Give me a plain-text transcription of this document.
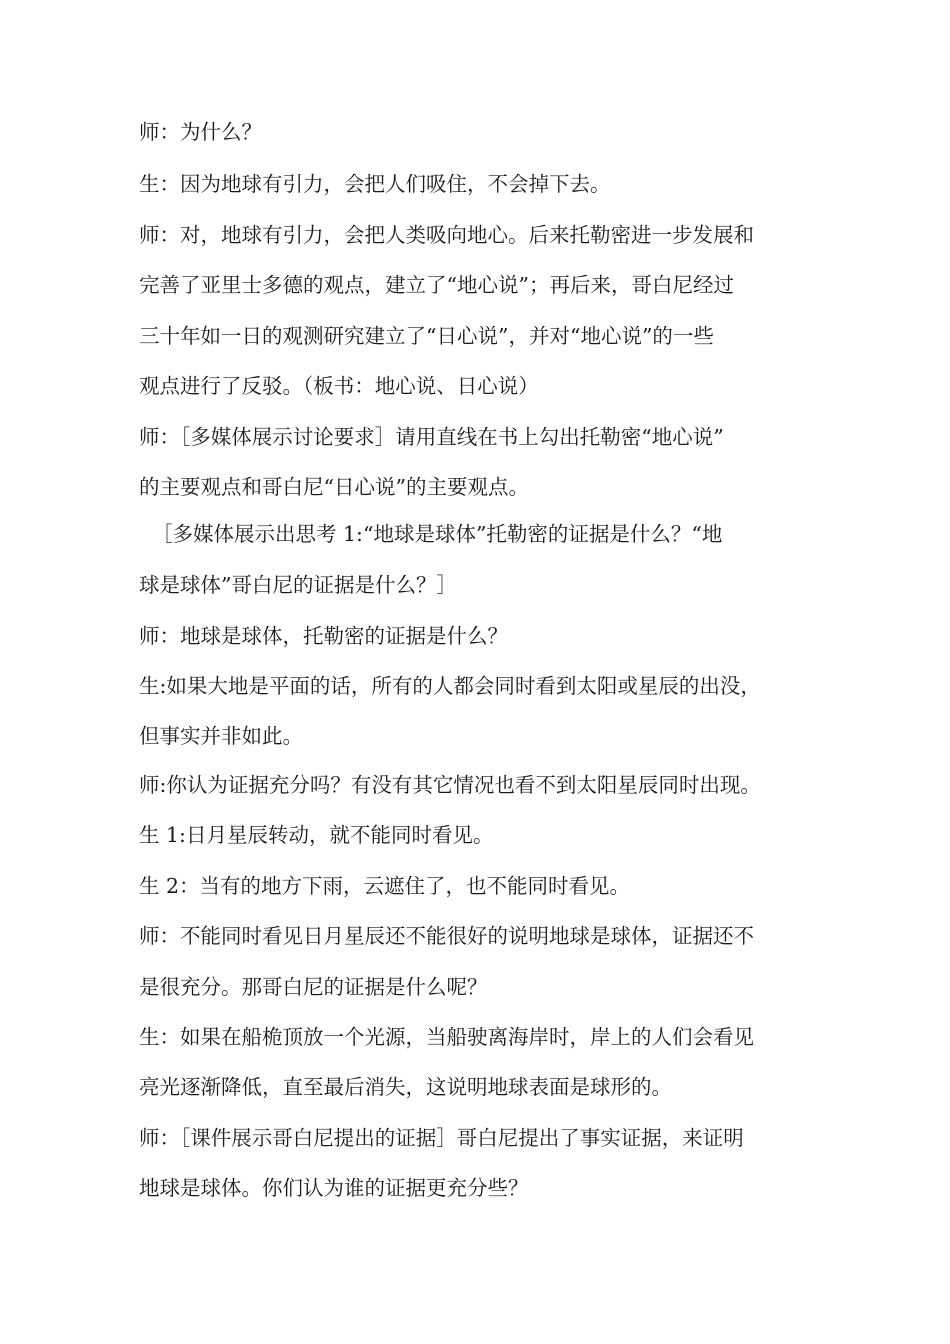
师：为什么？
生：因为地球有引力，会把人们吸住，不会掉下去。
师：对，地球有引力，会把人类吸向地心。后来托勒密进一步发展和
完善了亚里士多德的观点，建立了“地心说”；再后来，哥白尼经过
三十年如一日的观测研究建立了“日心说”，并对“地心说”的一些
观点进行了反驳。（板书：地心说、日心说）
师：［多媒体展示讨论要求］请用直线在书上勾出托勒密“地心说”
的主要观点和哥白尼“日心说”的主要观点。
［多媒体展示出思考 1:“地球是球体”托勒密的证据是什么？“地
球是球体”哥白尼的证据是什么？］
师：地球是球体，托勒密的证据是什么？
生:如果大地是平面的话，所有的人都会同时看到太阳或星辰的出没，
但事实并非如此。
师:你认为证据充分吗？有没有其它情况也看不到太阳星辰同时出现。
生 1:日月星辰转动，就不能同时看见。
生 2：当有的地方下雨，云遮住了，也不能同时看见。
师：不能同时看见日月星辰还不能很好的说明地球是球体，证据还不
是很充分。那哥白尼的证据是什么呢？
生：如果在船桅顶放一个光源，当船驶离海岸时，岸上的人们会看见
亮光逐渐降低，直至最后消失，这说明地球表面是球形的。
师：［课件展示哥白尼提出的证据］哥白尼提出了事实证据，来证明
地球是球体。你们认为谁的证据更充分些？
